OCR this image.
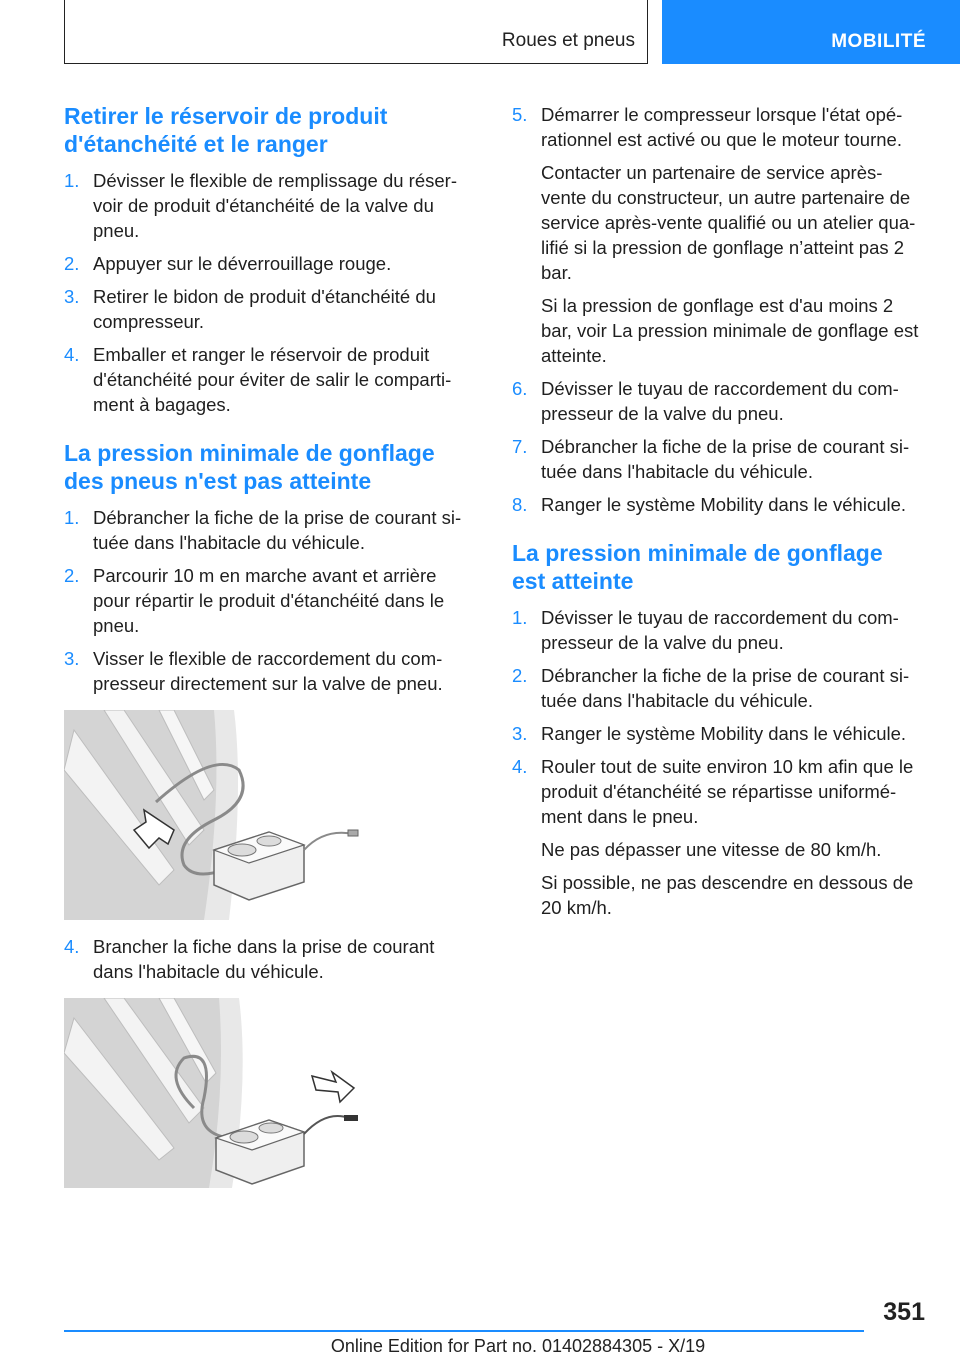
Roues et pneus	MOBILITÉ
Retirer le réservoir de produit d'étanchéité et le ranger
1. Dévisser le flexible de remplissage du réser‐ voir de produit d'étanchéité de la valve du pneu.
2. Appuyer sur le déverrouillage rouge.
3. Retirer le bidon de produit d'étanchéité du compresseur.
4. Emballer et ranger le réservoir de produit d'étanchéité pour éviter de salir le comparti‐ ment à bagages.
La pression minimale de gonflage des pneus n'est pas atteinte
1. Débrancher la fiche de la prise de courant si‐ tuée dans l'habitacle du véhicule.
2. Parcourir 10 m en marche avant et arrière pour répartir le produit d'étanchéité dans le pneu.
3. Visser le flexible de raccordement du com‐ presseur directement sur la valve de pneu.
4. Brancher la fiche dans la prise de courant dans l'habitacle du véhicule.
5. Démarrer le compresseur lorsque l'état opé‐ rationnel est activé ou que le moteur tourne.
Contacter un partenaire de service après- vente du constructeur, un autre partenaire de service après-vente qualifié ou un atelier qua‐ lifié si la pression de gonflage n’atteint pas 2 bar.
Si la pression de gonflage est d'au moins 2 bar, voir La pression minimale de gonflage est atteinte.
6. Dévisser le tuyau de raccordement du com‐ presseur de la valve du pneu.
7. Débrancher la fiche de la prise de courant si‐ tuée dans l'habitacle du véhicule.
8. Ranger le système Mobility dans le véhicule.
La pression minimale de gonflage est atteinte
1. Dévisser le tuyau de raccordement du com‐ presseur de la valve du pneu.
2. Débrancher la fiche de la prise de courant si‐ tuée dans l'habitacle du véhicule.
3. Ranger le système Mobility dans le véhicule.
4. Rouler tout de suite environ 10 km afin que le produit d'étanchéité se répartisse uniformé‐ ment dans le pneu.
Ne pas dépasser une vitesse de 80 km/h.
Si possible, ne pas descendre en dessous de 20 km/h.
351
Online Edition for Part no. 01402884305 - X/19
